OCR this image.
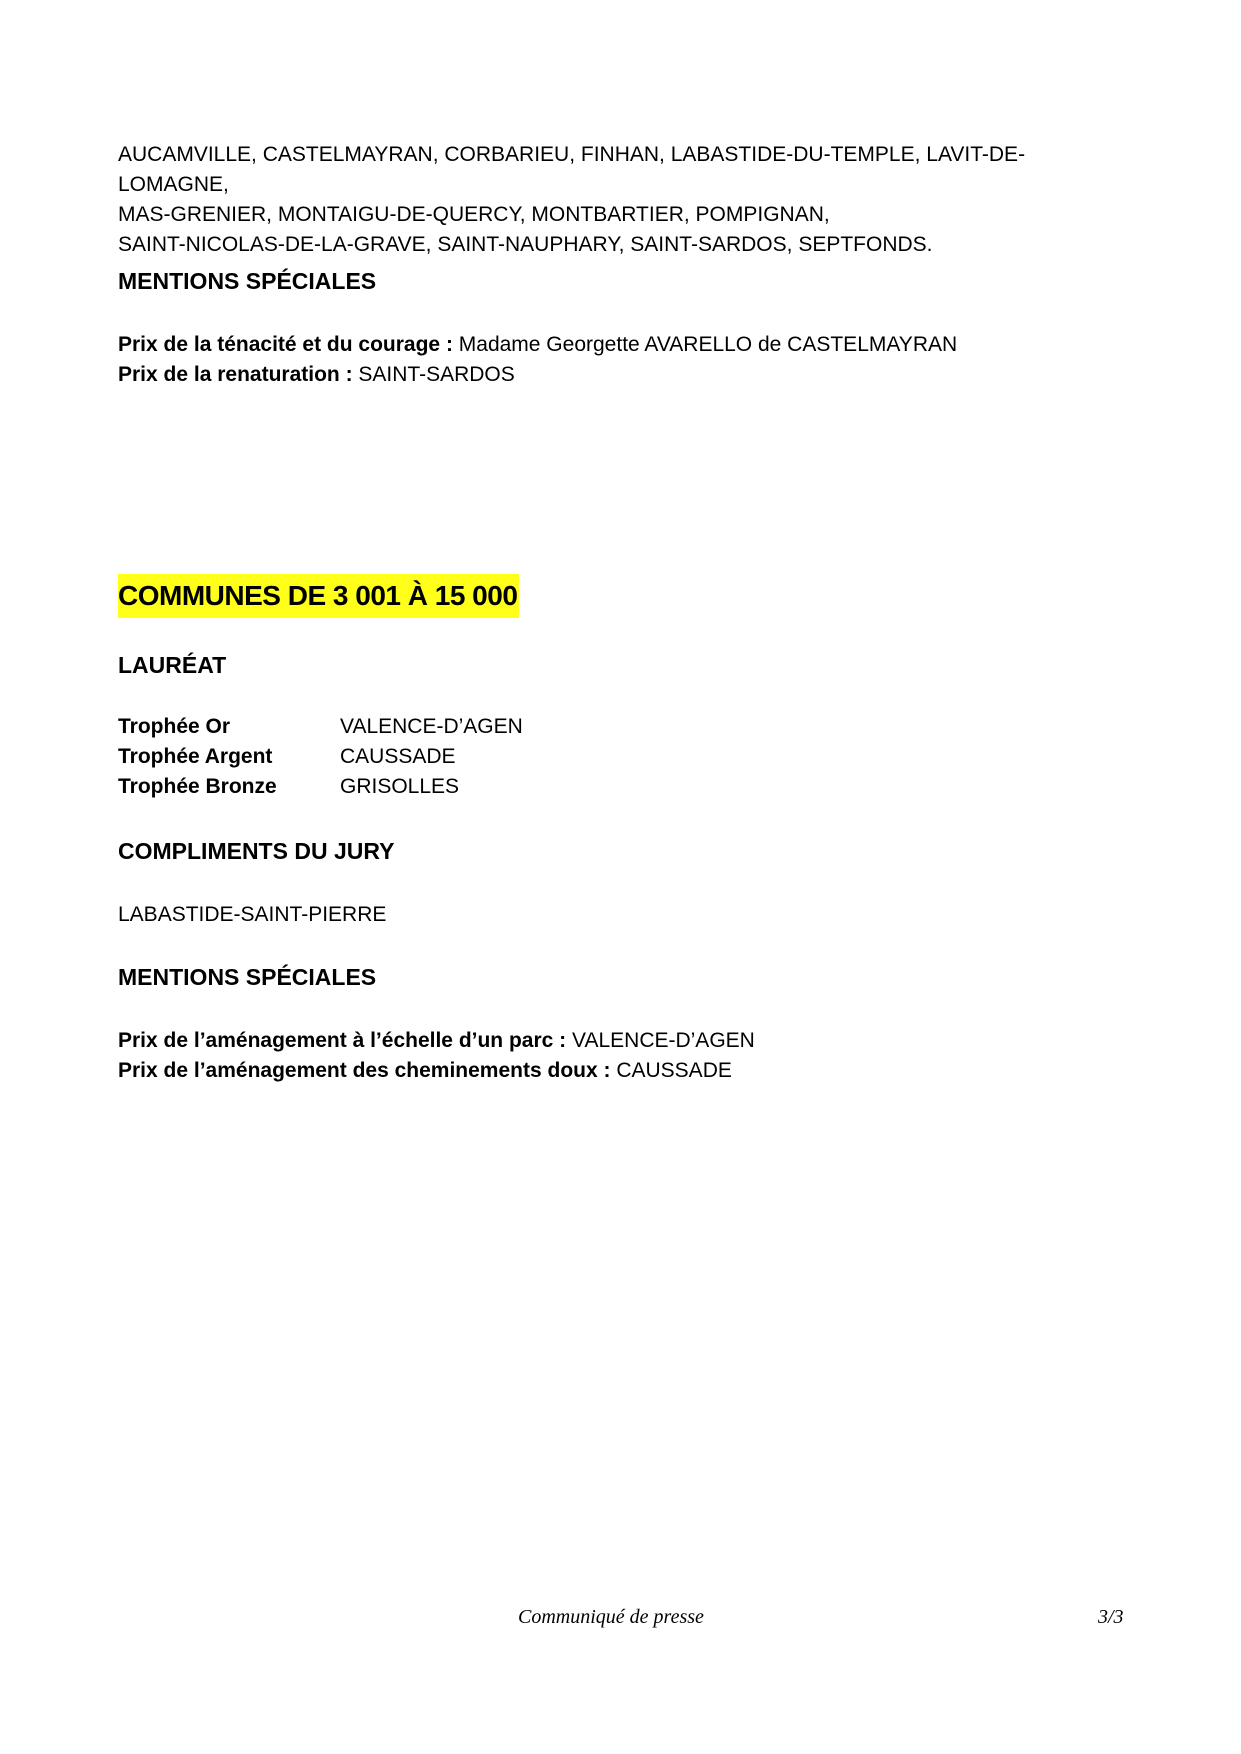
AUCAMVILLE, CASTELMAYRAN, CORBARIEU, FINHAN, LABASTIDE-DU-TEMPLE, LAVIT-DE-LOMAGNE,

MAS-GRENIER, MONTAIGU-DE-QUERCY, MONTBARTIER, POMPIGNAN,

SAINT-NICOLAS-DE-LA-GRAVE, SAINT-NAUPHARY, SAINT-SARDOS, SEPTFONDS.

MENTIONS SPÉCIALES

Prix de la ténacité et du courage : Madame Georgette AVARELLO de CASTELMAYRAN

Prix de la renaturation : SAINT-SARDOS

COMMUNES DE 3 001 À 15 000
LAURÉAT
Trophée Or	VALENCE-D’AGEN
Trophée Argent	CAUSSADE
Trophée Bronze	GRISOLLES
COMPLIMENTS DU JURY

LABASTIDE-SAINT-PIERRE

MENTIONS SPÉCIALES

Prix de l’aménagement à l’échelle d’un parc : VALENCE-D’AGEN

Prix de l’aménagement des cheminements doux : CAUSSADE

Communiqué de presse	3/3
